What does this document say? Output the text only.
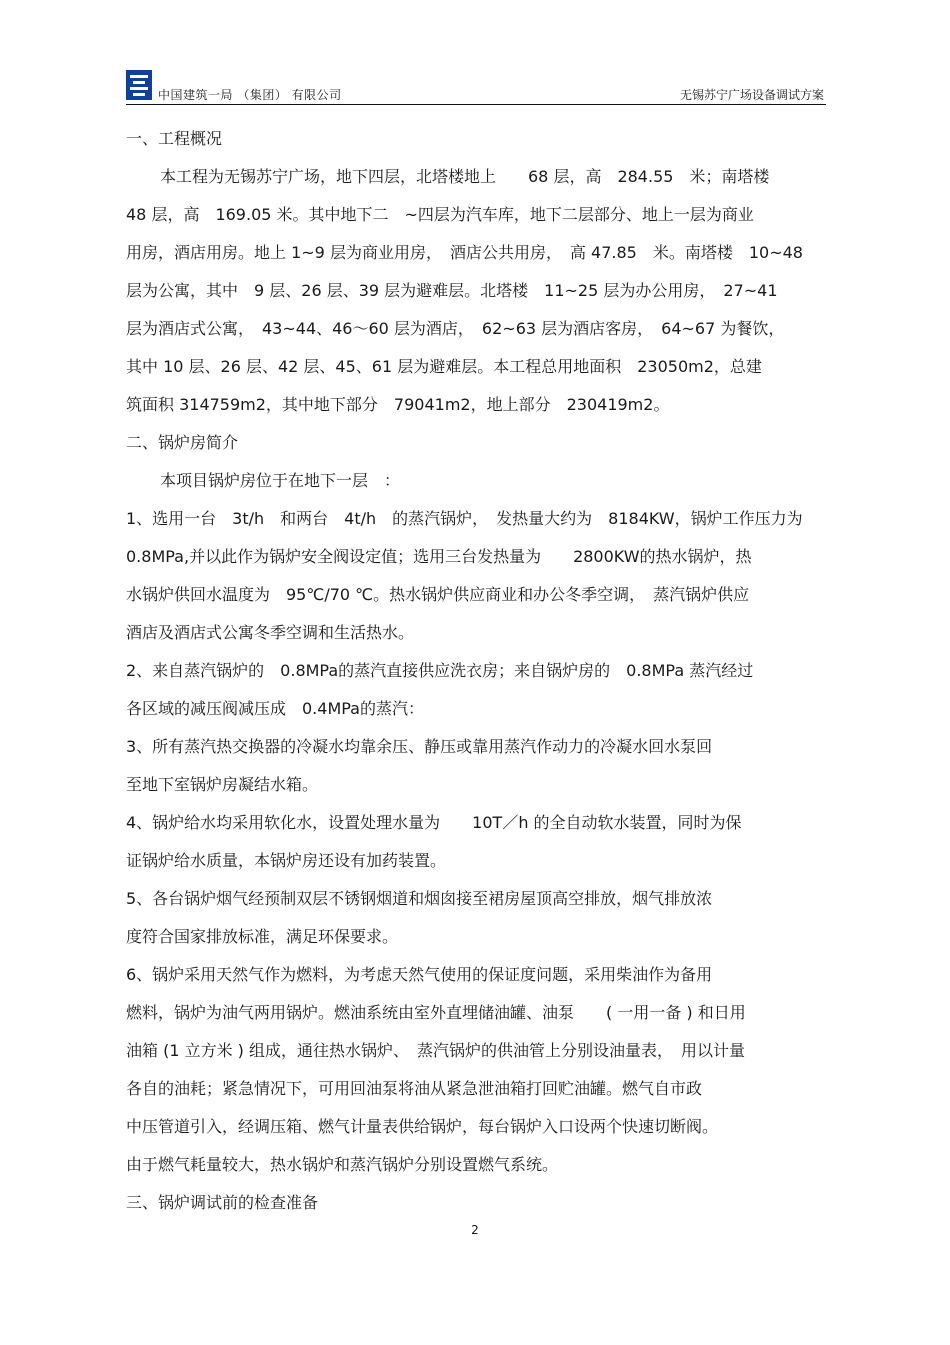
中国建筑一局 （集团） 有限公司	无锡苏宁广场设备调试方案
一、工程概况

本工程为无锡苏宁广场，地下四层，北塔楼地上　　68 层，高　284.55　米；南塔楼

48 层，高　169.05 米。其中地下二　~四层为汽车库，地下二层部分、地上一层为商业

用房，酒店用房。地上 1~9 层为商业用房，　酒店公共用房，　高 47.85　米。南塔楼　10~48

层为公寓，其中　9 层、26 层、39 层为避难层。北塔楼　11~25 层为办公用房，　27~41

层为酒店式公寓，　43~44、46～60 层为酒店，　62~63 层为酒店客房，　64~67 为餐饮，

其中 10 层、26 层、42 层、45、61 层为避难层。本工程总用地面积　23050m2，总建

筑面积 314759m2，其中地下部分　79041m2，地上部分　230419m2。

二、锅炉房简介

本项目锅炉房位于在地下一层　：

1、选用一台　3t/h　和两台　4t/h　的蒸汽锅炉，　发热量大约为　8184KW，锅炉工作压力为

0.8MPa,并以此作为锅炉安全阀设定值；选用三台发热量为　　2800KW的热水锅炉，热

水锅炉供回水温度为　95℃/70 ℃。热水锅炉供应商业和办公冬季空调，　蒸汽锅炉供应

酒店及酒店式公寓冬季空调和生活热水。

2、来自蒸汽锅炉的　0.8MPa的蒸汽直接供应洗衣房；来自锅炉房的　0.8MPa 蒸汽经过

各区域的减压阀减压成　0.4MPa的蒸汽：

3、所有蒸汽热交换器的冷凝水均靠余压、静压或靠用蒸汽作动力的冷凝水回水泵回

至地下室锅炉房凝结水箱。

4、锅炉给水均采用软化水，设置处理水量为　　10T／h 的全自动软水装置，同时为保

证锅炉给水质量，本锅炉房还设有加药装置。

5、各台锅炉烟气经预制双层不锈钢烟道和烟囱接至裙房屋顶高空排放，烟气排放浓

度符合国家排放标准，满足环保要求。

6、锅炉采用天然气作为燃料，为考虑天然气使用的保证度问题，采用柴油作为备用

燃料，锅炉为油气两用锅炉。燃油系统由室外直埋储油罐、油泵　　( 一用一备 ) 和日用

油箱 (1 立方米 ) 组成，通往热水锅炉、　蒸汽锅炉的供油管上分别设油量表，　用以计量

各自的油耗；紧急情况下，可用回油泵将油从紧急泄油箱打回贮油罐。燃气自市政

中压管道引入，经调压箱、燃气计量表供给锅炉，每台锅炉入口设两个快速切断阀。

由于燃气耗量较大，热水锅炉和蒸汽锅炉分别设置燃气系统。

三、锅炉调试前的检查准备
2
